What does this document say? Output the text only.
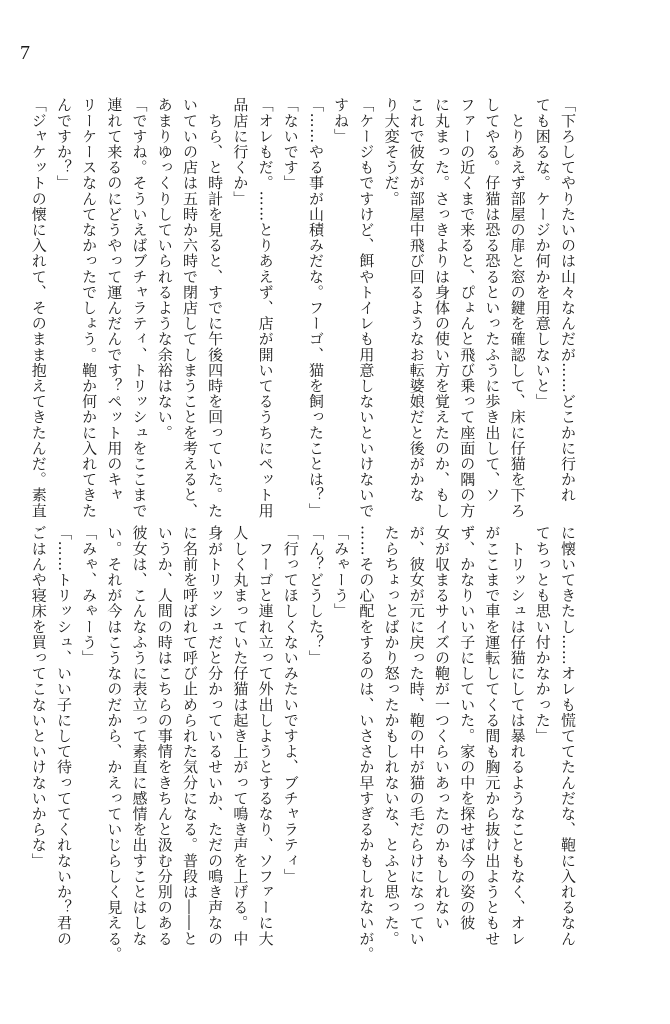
7
「下ろしてやりたいのは山々なんだが……どこかに行かれ
ても困るな。ケージか何かを用意しないと」
　とりあえず部屋の扉と窓の鍵を確認して、床に仔猫を下ろ
してやる。仔猫は恐る恐るといったふうに歩き出して、ソ
ファーの近くまで来ると、ぴょんと飛び乗って座面の隅の方
に丸まった。さっきよりは身体の使い方を覚えたのか、もし
これで彼女が部屋中飛び回るようなお転婆娘だと後がかな
り大変そうだ。
「ケージもですけど、餌やトイレも用意しないといけないで
すね」
「……やる事が山積みだな。フーゴ、猫を飼ったことは？」
「ないです」
「オレもだ。……とりあえず、店が開いてるうちにペット用
品店に行くか」
　ちら、と時計を見ると、すでに午後四時を回っていた。た
いていの店は五時か六時で閉店してしまうことを考えると、
あまりゆっくりしていられるような余裕はない。
「ですね。そういえばブチャラティ、トリッシュをここまで
連れて来るのにどうやって運んだんです？ペット用のキャ
リーケースなんてなかったでしょう。鞄か何かに入れてきた
んですか？」
「ジャケットの懐に入れて、そのまま抱えてきたんだ。素直
に懐いてきたし……オレも慌ててたんだな、鞄に入れるなん
てちっとも思い付かなかった」
　トリッシュは仔猫にしては暴れるようなこともなく、オレ
がここまで車を運転してくる間も胸元から抜け出ようともせ
ず、かなりいい子にしていた。家の中を探せば今の姿の彼
女が収まるサイズの鞄が一つくらいあったのかもしれない
が、彼女が元に戻った時、鞄の中が猫の毛だらけになってい
たらちょっとばかり怒ったかもしれないな、とふと思った。
……その心配をするのは、いささか早すぎるかもしれないが。
「みゃーう」
「ん？どうした？」
「行ってほしくないみたいですよ、ブチャラティ」
　フーゴと連れ立って外出しようとするなり、ソファーに大
人しく丸まっていた仔猫は起き上がって鳴き声を上げる。中
身がトリッシュだと分かっているせいか、ただの鳴き声なの
に名前を呼ばれて呼び止められた気分になる。普段は――と
いうか、人間の時はこちらの事情をきちんと汲む分別のある
彼女は、こんなふうに表立って素直に感情を出すことはしな
い。それが今はこうなのだから、かえっていじらしく見える。
「みゃ、みゃーう」
「……トリッシュ、いい子にして待っててくれないか？君の
ごはんや寝床を買ってこないといけないからな」
